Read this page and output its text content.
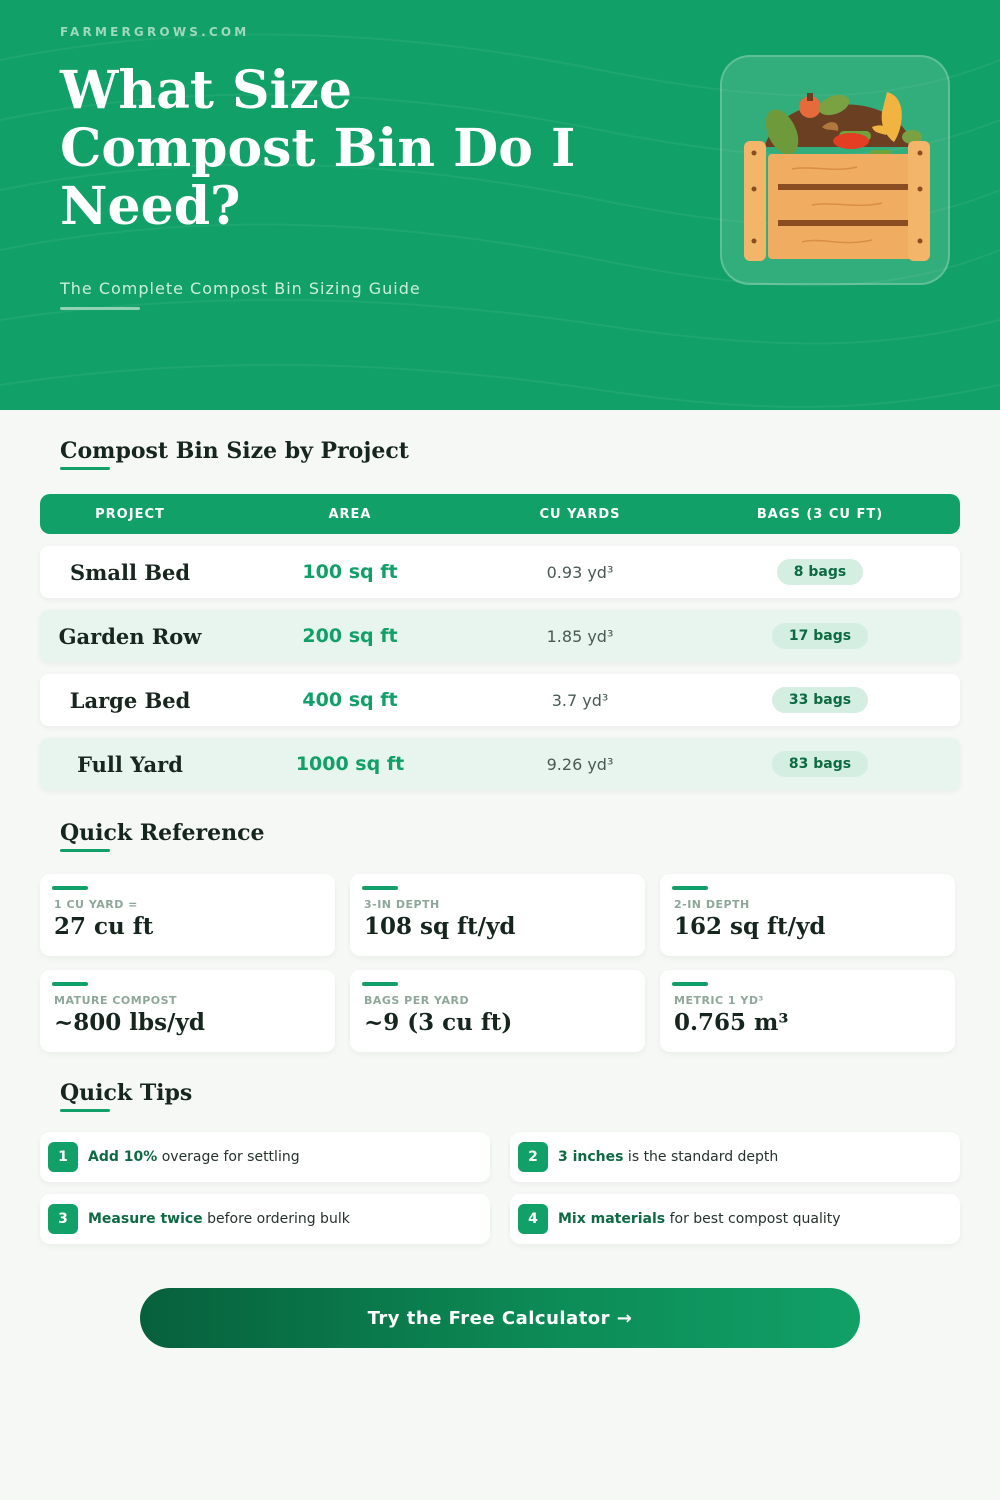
FARMERGROWS.COM
What Size Compost Bin Do I Need?
The Complete Compost Bin Sizing Guide
Compost Bin Size by Project
PROJECT	AREA	CU YARDS	BAGS (3 CU FT)
Small Bed	100 sq ft	0.93 yd³	8 bags
Garden Row	200 sq ft	1.85 yd³	17 bags
Large Bed	400 sq ft	3.7 yd³	33 bags
Full Yard	1000 sq ft	9.26 yd³	83 bags
Quick Reference
1 CU YARD =
27 cu ft
3-IN DEPTH
108 sq ft/yd
2-IN DEPTH
162 sq ft/yd
MATURE COMPOST
~800 lbs/yd
BAGS PER YARD
~9 (3 cu ft)
METRIC 1 YD³
0.765 m³
Quick Tips
1	Add 10% overage for settling	2	3 inches is the standard depth
3	Measure twice before ordering bulk	4	Mix materials for best compost quality
Try the Free Calculator →
